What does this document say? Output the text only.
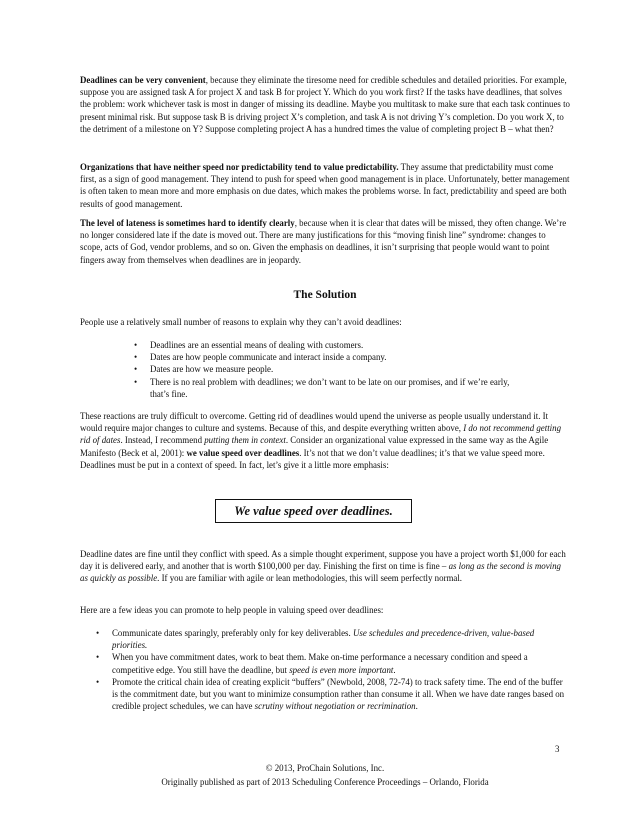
Deadlines can be very convenient, because they eliminate the tiresome need for credible schedules and detailed priorities. For example, suppose you are assigned task A for project X and task B for project Y. Which do you work first? If the tasks have deadlines, that solves the problem: work whichever task is most in danger of missing its deadline. Maybe you multitask to make sure that each task continues to present minimal risk. But suppose task B is driving project X’s completion, and task A is not driving Y’s completion. Do you work X, to the detriment of a milestone on Y? Suppose completing project A has a hundred times the value of completing project B – what then?

Organizations that have neither speed nor predictability tend to value predictability. They assume that predictability must come first, as a sign of good management. They intend to push for speed when good management is in place. Unfortunately, better management is often taken to mean more and more emphasis on due dates, which makes the problems worse. In fact, predictability and speed are both results of good management.

The level of lateness is sometimes hard to identify clearly, because when it is clear that dates will be missed, they often change. We’re no longer considered late if the date is moved out. There are many justifications for this “moving finish line” syndrome: changes to scope, acts of God, vendor problems, and so on. Given the emphasis on deadlines, it isn’t surprising that people would want to point fingers away from themselves when deadlines are in jeopardy.

The Solution
People use a relatively small number of reasons to explain why they can’t avoid deadlines:
• Deadlines are an essential means of dealing with customers.
• Dates are how people communicate and interact inside a company.
• Dates are how we measure people.
• There is no real problem with deadlines; we don’t want to be late on our promises, and if we’re early, that’s fine.

These reactions are truly difficult to overcome. Getting rid of deadlines would upend the universe as people usually understand it. It would require major changes to culture and systems. Because of this, and despite everything written above, I do not recommend getting rid of dates. Instead, I recommend putting them in context. Consider an organizational value expressed in the same way as the Agile Manifesto (Beck et al, 2001): we value speed over deadlines. It’s not that we don’t value deadlines; it’s that we value speed more. Deadlines must be put in a context of speed. In fact, let’s give it a little more emphasis:

We value speed over deadlines.

Deadline dates are fine until they conflict with speed. As a simple thought experiment, suppose you have a project worth $1,000 for each day it is delivered early, and another that is worth $100,000 per day. Finishing the first on time is fine – as long as the second is moving as quickly as possible. If you are familiar with agile or lean methodologies, this will seem perfectly normal.

Here are a few ideas you can promote to help people in valuing speed over deadlines:
• Communicate dates sparingly, preferably only for key deliverables. Use schedules and precedence-driven, value-based priorities.
• When you have commitment dates, work to beat them. Make on-time performance a necessary condition and speed a competitive edge. You still have the deadline, but speed is even more important.
• Promote the critical chain idea of creating explicit “buffers” (Newbold, 2008, 72-74) to track safety time. The end of the buffer is the commitment date, but you want to minimize consumption rather than consume it all. When we have date ranges based on credible project schedules, we can have scrutiny without negotiation or recrimination.
3
© 2013, ProChain Solutions, Inc.
Originally published as part of 2013 Scheduling Conference Proceedings – Orlando, Florida
